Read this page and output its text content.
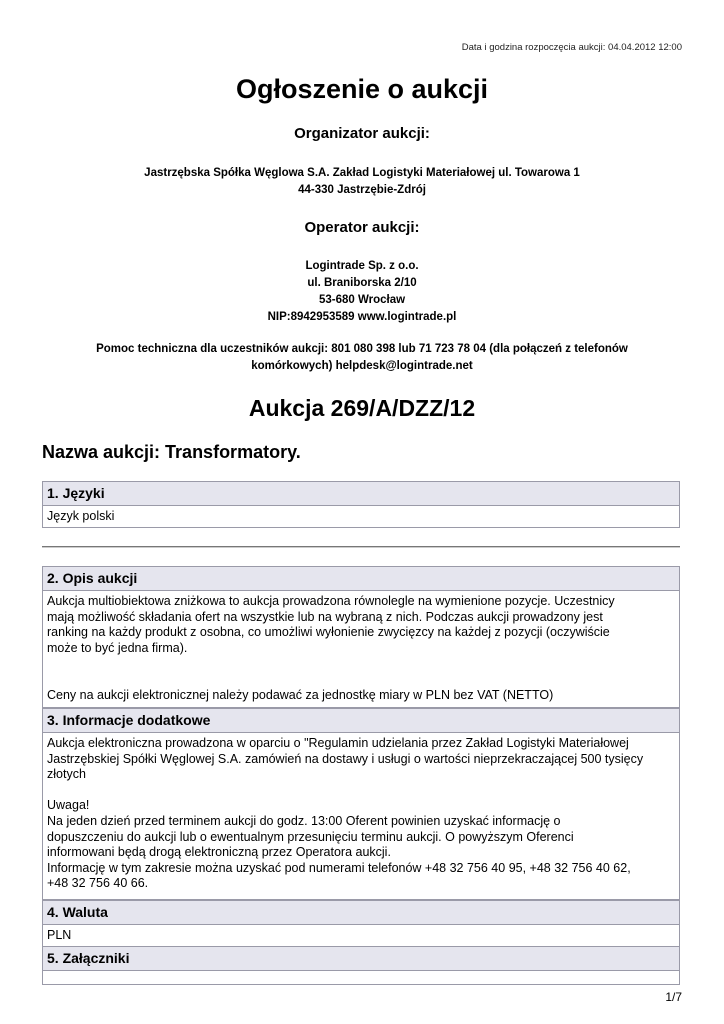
Data i godzina rozpoczęcia aukcji: 04.04.2012 12:00
Ogłoszenie o aukcji
Organizator aukcji:
Jastrzębska Spółka Węglowa S.A. Zakład Logistyki Materiałowej ul. Towarowa 1
44-330 Jastrzębie-Zdrój
Operator aukcji:
Logintrade Sp. z o.o.
ul. Braniborska 2/10
53-680 Wrocław
NIP:8942953589 www.logintrade.pl
Pomoc techniczna dla uczestników aukcji: 801 080 398 lub 71 723 78 04 (dla połączeń z telefonów
komórkowych) helpdesk@logintrade.net
Aukcja 269/A/DZZ/12
Nazwa aukcji: Transformatory.
1. Języki
Język polski
2. Opis aukcji
Aukcja multiobiektowa zniżkowa to aukcja prowadzona równolegle na wymienione pozycje. Uczestnicy
mają możliwość składania ofert na wszystkie lub na wybraną z nich. Podczas aukcji prowadzony jest
ranking na każdy produkt z osobna, co umożliwi wyłonienie zwycięzcy na każdej z pozycji (oczywiście
może to być jedna firma).

Ceny na aukcji elektronicznej należy podawać za jednostkę miary w PLN bez VAT (NETTO)
3. Informacje dodatkowe
Aukcja elektroniczna prowadzona w oparciu o "Regulamin udzielania przez Zakład Logistyki Materiałowej
Jastrzębskiej Spółki Węglowej S.A. zamówień na dostawy i usługi o wartości nieprzekraczającej 500 tysięcy
złotych

Uwaga!
Na jeden dzień przed terminem aukcji do godz. 13:00 Oferent powinien uzyskać informację o
dopuszczeniu do aukcji lub o ewentualnym przesunięciu terminu aukcji. O powyższym Oferenci
informowani będą drogą elektroniczną przez Operatora aukcji.
Informację w tym zakresie można uzyskać pod numerami telefonów +48 32 756 40 95, +48 32 756 40 62,
+48 32 756 40 66.
4. Waluta
PLN
5. Załączniki
1/7
